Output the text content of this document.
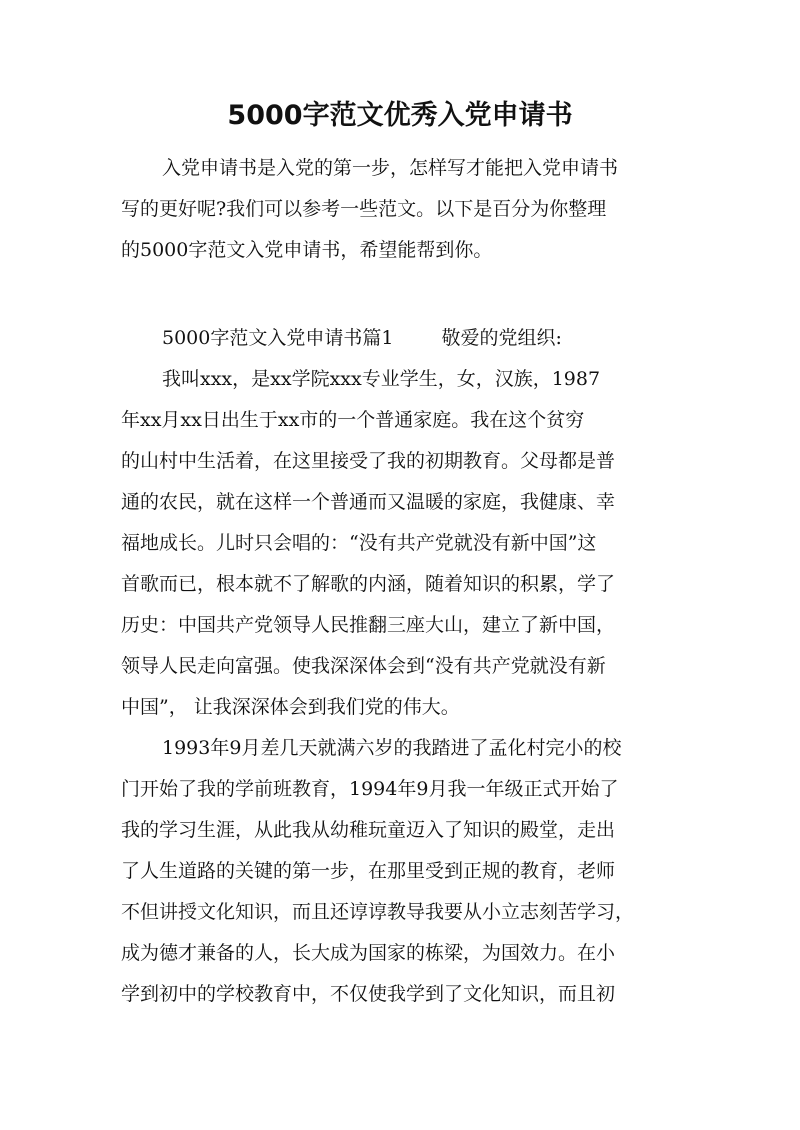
5000字范文优秀入党申请书
入党申请书是入党的第一步，怎样写才能把入党申请书
写的更好呢?我们可以参考一些范文。以下是百分为你整理
的5000字范文入党申请书，希望能帮到你。
5000字范文入党申请书篇1	敬爱的党组织:
我叫xxx，是xx学院xxx专业学生，女，汉族，1987
年xx月xx日出生于xx市的一个普通家庭。我在这个贫穷
的山村中生活着，在这里接受了我的初期教育。父母都是普
通的农民，就在这样一个普通而又温暖的家庭，我健康、幸
福地成长。儿时只会唱的：“没有共产党就没有新中国”这
首歌而已，根本就不了解歌的内涵，随着知识的积累，学了
历史：中国共产党领导人民推翻三座大山，建立了新中国，
领导人民走向富强。使我深深体会到“没有共产党就没有新
中国”， 让我深深体会到我们党的伟大。
1993年9月差几天就满六岁的我踏进了孟化村完小的校
门开始了我的学前班教育，1994年9月我一年级正式开始了
我的学习生涯，从此我从幼稚玩童迈入了知识的殿堂，走出
了人生道路的关键的第一步，在那里受到正规的教育，老师
不但讲授文化知识，而且还谆谆教导我要从小立志刻苦学习，
成为德才兼备的人，长大成为国家的栋梁，为国效力。在小
学到初中的学校教育中，不仅使我学到了文化知识，而且初
